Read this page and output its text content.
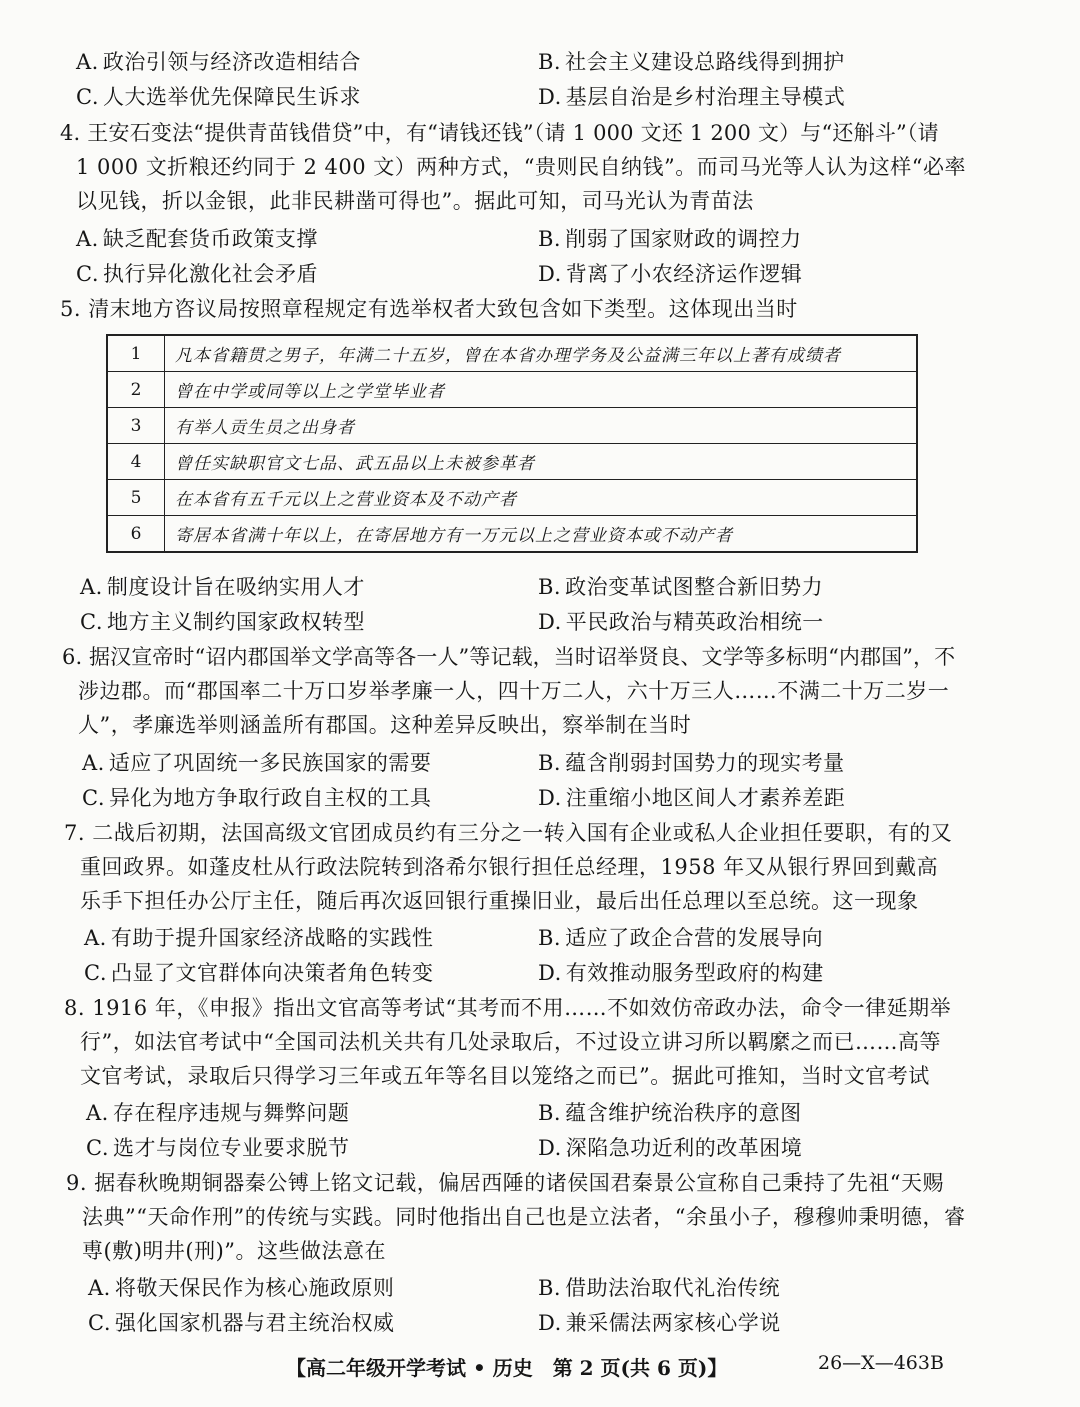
A. 政治引领与经济改造相结合	B. 社会主义建设总路线得到拥护
C. 人大选举优先保障民生诉求	D. 基层自治是乡村治理主导模式
4. 王安石变法“提供青苗钱借贷”中，有“请钱还钱”（请 1 000 文还 1 200 文）与“还斛斗”（请
1 000 文折粮还约同于 2 400 文）两种方式，“贵则民自纳钱”。而司马光等人认为这样“必率
以见钱，折以金银，此非民耕凿可得也”。据此可知，司马光认为青苗法
A. 缺乏配套货币政策支撑	B. 削弱了国家财政的调控力
C. 执行异化激化社会矛盾	D. 背离了小农经济运作逻辑
5. 清末地方咨议局按照章程规定有选举权者大致包含如下类型。这体现出当时
1	凡本省籍贯之男子，年满二十五岁，曾在本省办理学务及公益满三年以上著有成绩者
2	曾在中学或同等以上之学堂毕业者
3	有举人贡生员之出身者
4	曾任实缺职官文七品、武五品以上未被参革者
5	在本省有五千元以上之营业资本及不动产者
6	寄居本省满十年以上，在寄居地方有一万元以上之营业资本或不动产者
A. 制度设计旨在吸纳实用人才	B. 政治变革试图整合新旧势力
C. 地方主义制约国家政权转型	D. 平民政治与精英政治相统一
6. 据汉宣帝时“诏内郡国举文学高等各一人”等记载，当时诏举贤良、文学等多标明“内郡国”，不
涉边郡。而“郡国率二十万口岁举孝廉一人，四十万二人，六十万三人……不满二十万二岁一
人”，孝廉选举则涵盖所有郡国。这种差异反映出，察举制在当时
A. 适应了巩固统一多民族国家的需要	B. 蕴含削弱封国势力的现实考量
C. 异化为地方争取行政自主权的工具	D. 注重缩小地区间人才素养差距
7. 二战后初期，法国高级文官团成员约有三分之一转入国有企业或私人企业担任要职，有的又
重回政界。如蓬皮杜从行政法院转到洛希尔银行担任总经理，1958 年又从银行界回到戴高
乐手下担任办公厅主任，随后再次返回银行重操旧业，最后出任总理以至总统。这一现象
A. 有助于提升国家经济战略的实践性	B. 适应了政企合营的发展导向
C. 凸显了文官群体向决策者角色转变	D. 有效推动服务型政府的构建
8. 1916 年，《申报》指出文官高等考试“其考而不用……不如效仿帝政办法，命令一律延期举
行”，如法官考试中“全国司法机关共有几处录取后，不过设立讲习所以羁縻之而已……高等
文官考试，录取后只得学习三年或五年等名目以笼络之而已”。据此可推知，当时文官考试
A. 存在程序违规与舞弊问题	B. 蕴含维护统治秩序的意图
C. 选才与岗位专业要求脱节	D. 深陷急功近利的改革困境
9. 据春秋晚期铜器秦公镈上铭文记载，偏居西陲的诸侯国君秦景公宣称自己秉持了先祖“天赐
法典”“天命作刑”的传统与实践。同时他指出自己也是立法者，“余虽小子，穆穆帅秉明德，睿
尃(敷)明井(刑)”。这些做法意在
A. 将敬天保民作为核心施政原则	B. 借助法治取代礼治传统
C. 强化国家机器与君主统治权威	D. 兼采儒法两家核心学说
【高二年级开学考试 • 历史　第 2 页(共 6 页)】	26—X—463B
